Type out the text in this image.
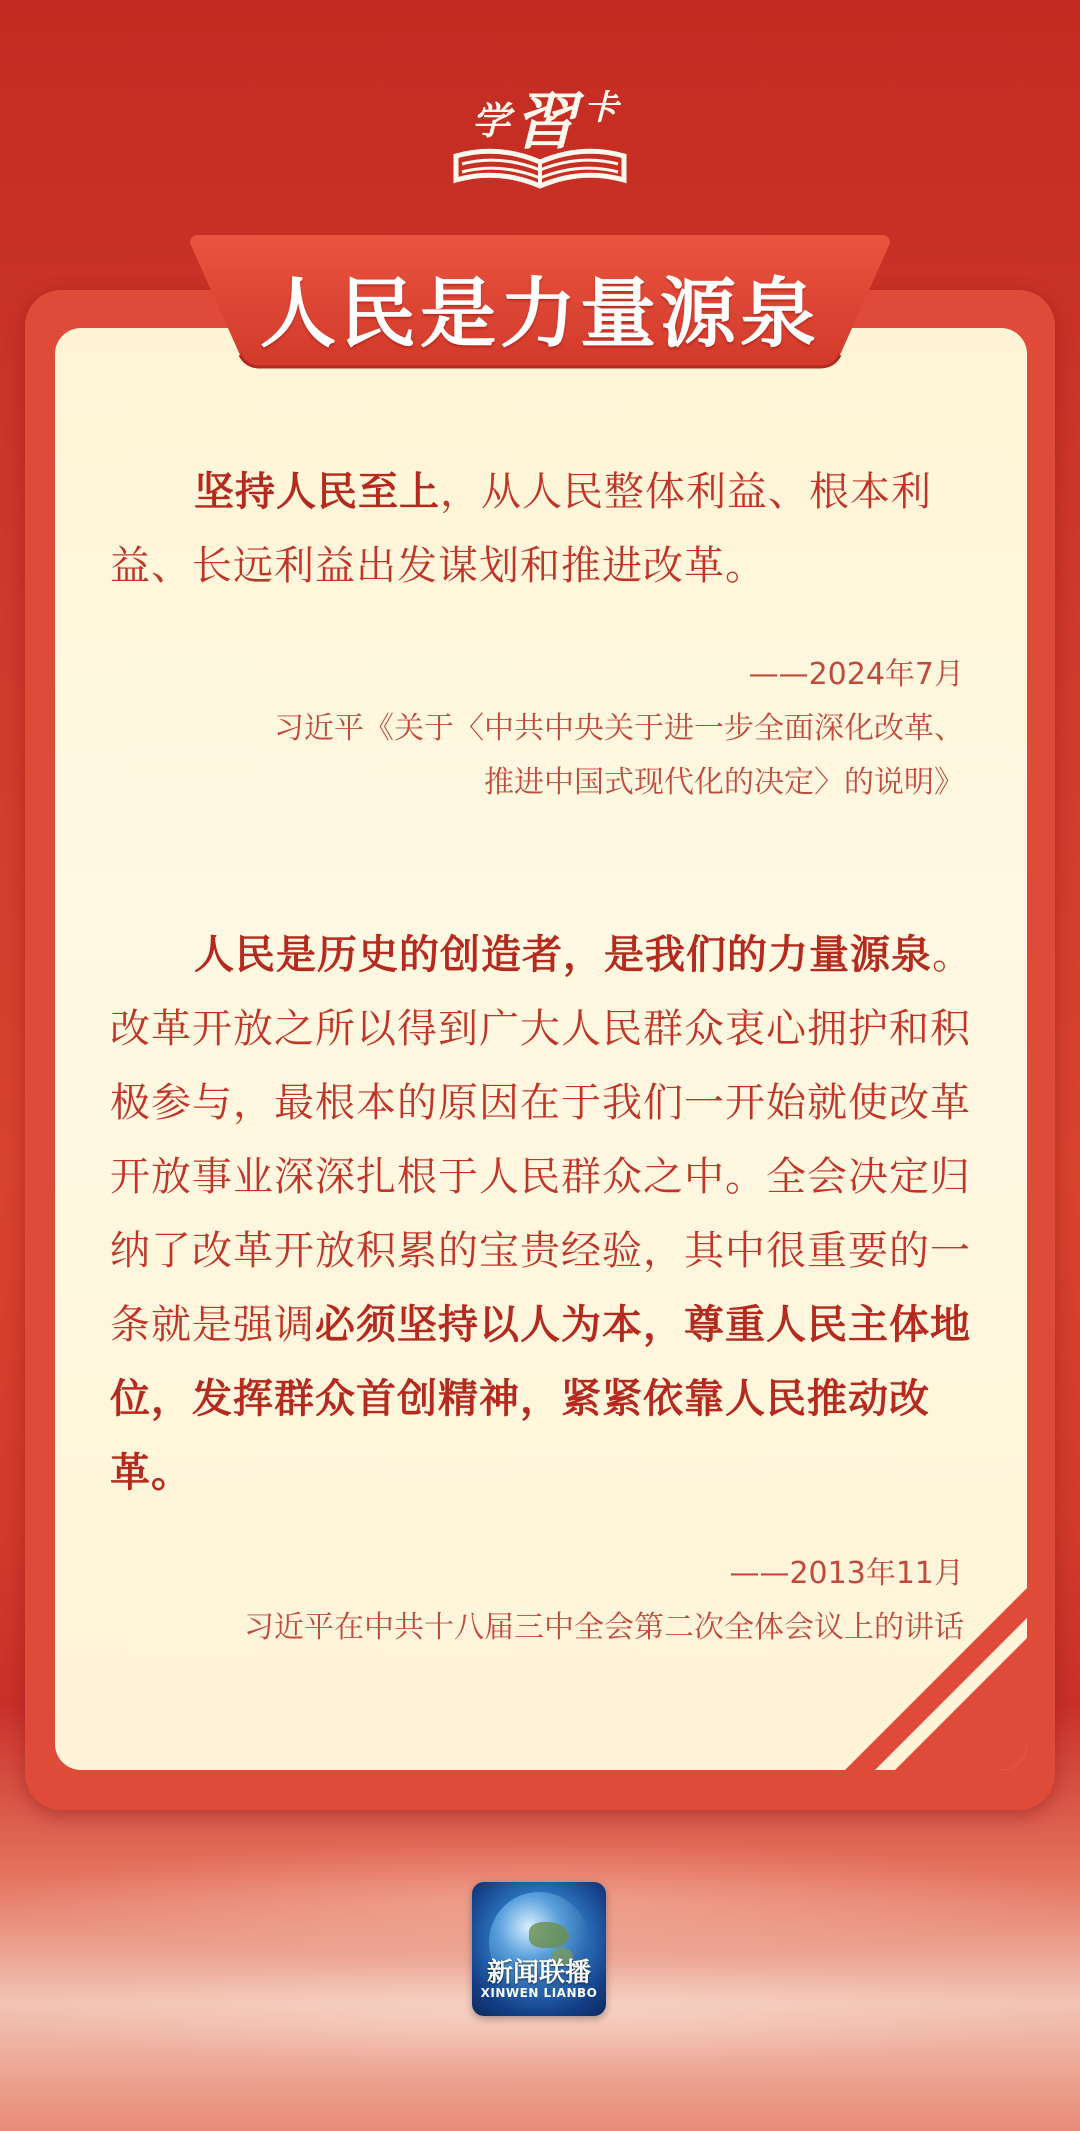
学 習 卡
人民是力量源泉
坚持人民至上，从人民整体利益、根本利益、长远利益出发谋划和推进改革。
——2024年7月
习近平《关于〈中共中央关于进一步全面深化改革、
推进中国式现代化的决定〉的说明》
人民是历史的创造者，是我们的力量源泉。改革开放之所以得到广大人民群众衷心拥护和积极参与，最根本的原因在于我们一开始就使改革开放事业深深扎根于人民群众之中。全会决定归纳了改革开放积累的宝贵经验，其中很重要的一条就是强调必须坚持以人为本，尊重人民主体地位，发挥群众首创精神，紧紧依靠人民推动改革。
——2013年11月
习近平在中共十八届三中全会第二次全体会议上的讲话
新闻联播
XINWEN LIANBO
